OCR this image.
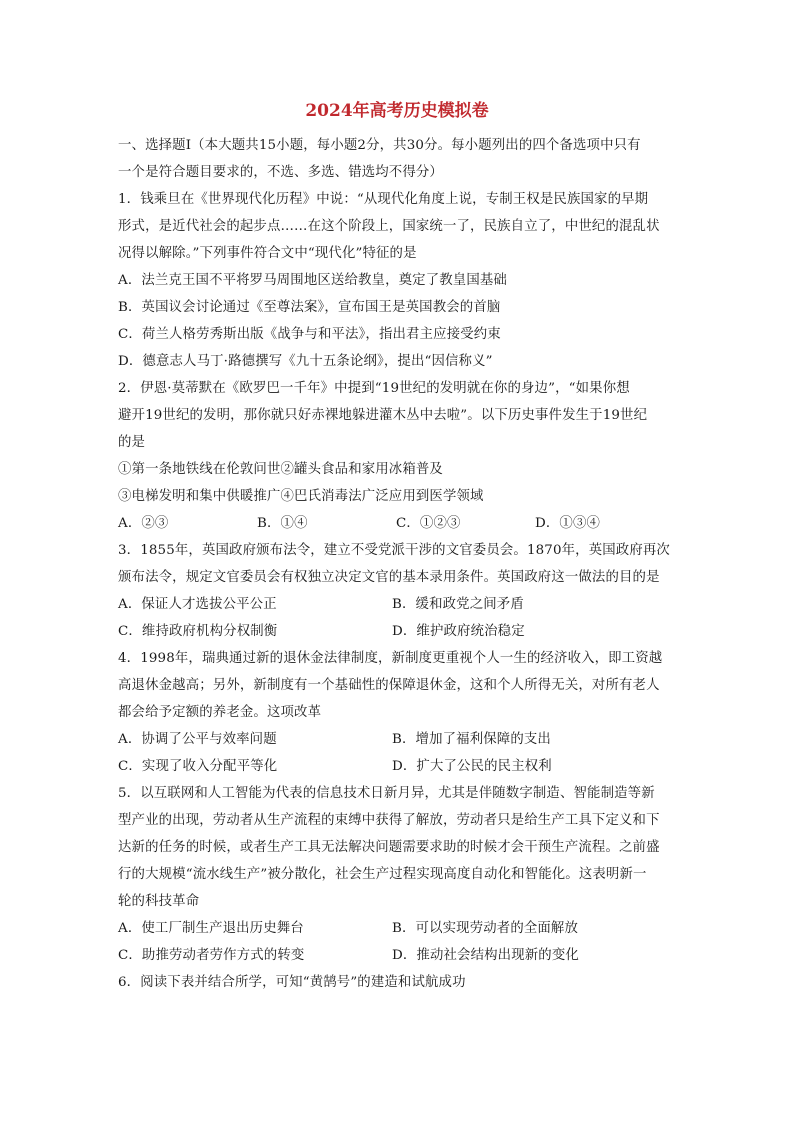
2024年高考历史模拟卷
一、选择题Ⅰ（本大题共15小题，每小题2分，共30分。每小题列出的四个备选项中只有
一个是符合题目要求的，不选、多选、错选均不得分）
1．钱乘旦在《世界现代化历程》中说：“从现代化角度上说，专制王权是民族国家的早期
形式，是近代社会的起步点……在这个阶段上，国家统一了，民族自立了，中世纪的混乱状
况得以解除。”下列事件符合文中“现代化”特征的是
A．法兰克王国不平将罗马周围地区送给教皇，奠定了教皇国基础
B．英国议会讨论通过《至尊法案》，宣布国王是英国教会的首脑
C．荷兰人格劳秀斯出版《战争与和平法》，指出君主应接受约束
D．德意志人马丁·路德撰写《九十五条论纲》，提出“因信称义”
2．伊恩·莫蒂默在《欧罗巴一千年》中提到“19世纪的发明就在你的身边”，“如果你想
避开19世纪的发明，那你就只好赤裸地躲进灌木丛中去啦”。以下历史事件发生于19世纪
的是
①第一条地铁线在伦敦问世②罐头食品和家用冰箱普及
③电梯发明和集中供暖推广④巴氏消毒法广泛应用到医学领域
A．②③	B．①④	C．①②③	D．①③④
3．1855年，英国政府颁布法令，建立不受党派干涉的文官委员会。1870年，英国政府再次
颁布法令，规定文官委员会有权独立决定文官的基本录用条件。英国政府这一做法的目的是
A．保证人才选拔公平公正	B．缓和政党之间矛盾
C．维持政府机构分权制衡	D．维护政府统治稳定
4．1998年，瑞典通过新的退休金法律制度，新制度更重视个人一生的经济收入，即工资越
高退休金越高；另外，新制度有一个基础性的保障退休金，这和个人所得无关，对所有老人
都会给予定额的养老金。这项改革
A．协调了公平与效率问题	B．增加了福利保障的支出
C．实现了收入分配平等化	D．扩大了公民的民主权利
5．以互联网和人工智能为代表的信息技术日新月异，尤其是伴随数字制造、智能制造等新
型产业的出现，劳动者从生产流程的束缚中获得了解放，劳动者只是给生产工具下定义和下
达新的任务的时候，或者生产工具无法解决问题需要求助的时候才会干预生产流程。之前盛
行的大规模“流水线生产”被分散化，社会生产过程实现高度自动化和智能化。这表明新一
轮的科技革命
A．使工厂制生产退出历史舞台	B．可以实现劳动者的全面解放
C．助推劳动者劳作方式的转变	D．推动社会结构出现新的变化
6．阅读下表并结合所学，可知“黄鹄号”的建造和试航成功
